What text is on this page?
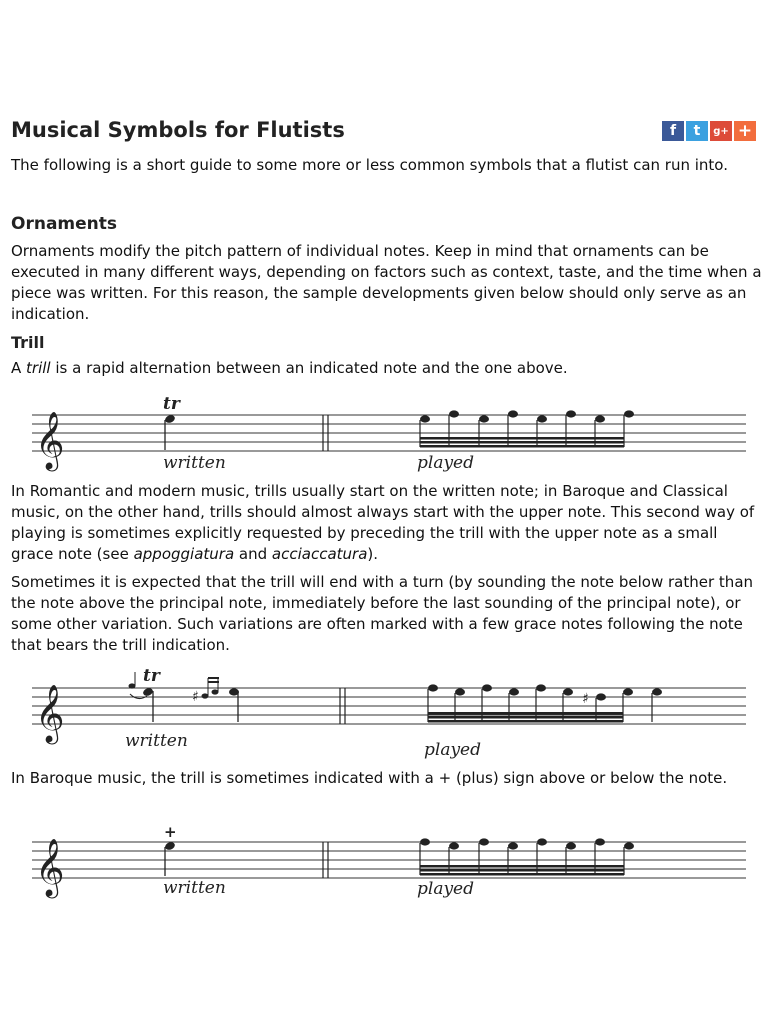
Musical Symbols for Flutists	f t g+ +

The following is a short guide to some more or less common symbols that a flutist can run into.

Ornaments

Ornaments modify the pitch pattern of individual notes. Keep in mind that ornaments can be executed in many different ways, depending on factors such as context, taste, and the time when a piece was written. For this reason, the sample developments given below should only serve as an indication.

Trill

A trill is a rapid alternation between an indicated note and the one above.

𝄞
tr
written	played

In Romantic and modern music, trills usually start on the written note; in Baroque and Classical music, on the other hand, trills should almost always start with the upper note. This second way of playing is sometimes explicitly requested by preceding the trill with the upper note as a small grace note (see appoggiatura and acciaccatura).

Sometimes it is expected that the trill will end with a turn (by sounding the note below rather than the note above the principal note, immediately before the last sounding of the principal note), or some other variation. Such variations are often marked with a few grace notes following the note that bears the trill indication.

𝄞
tr
♯	♯
written	played

In Baroque music, the trill is sometimes indicated with a + (plus) sign above or below the note.

𝄞
+
written	played
